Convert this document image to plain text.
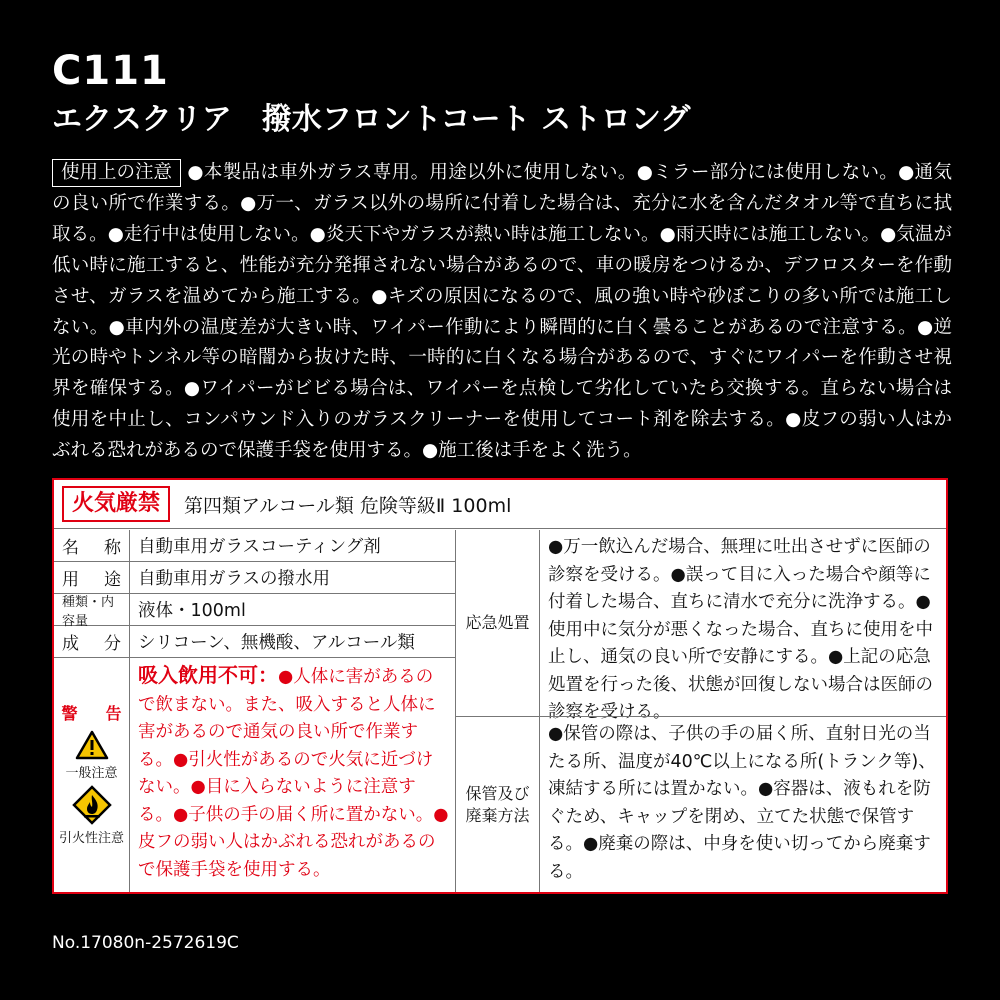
C111
エクスクリア　撥水フロントコート ストロング
使用上の注意 ●本製品は車外ガラス専用。用途以外に使用しない。●ミラー部分には使用しない。●通気の良い所で作業する。●万一、ガラス以外の場所に付着した場合は、充分に水を含んだタオル等で直ちに拭取る。●走行中は使用しない。●炎天下やガラスが熱い時は施工しない。●雨天時には施工しない。●気温が低い時に施工すると、性能が充分発揮されない場合があるので、車の暖房をつけるか、デフロスターを作動させ、ガラスを温めてから施工する。●キズの原因になるので、風の強い時や砂ぼこりの多い所では施工しない。●車内外の温度差が大きい時、ワイパー作動により瞬間的に白く曇ることがあるので注意する。●逆光の時やトンネル等の暗闇から抜けた時、一時的に白くなる場合があるので、すぐにワイパーを作動させ視界を確保する。●ワイパーがビビる場合は、ワイパーを点検して劣化していたら交換する。直らない場合は使用を中止し、コンパウンド入りのガラスクリーナーを使用してコート剤を除去する。●皮フの弱い人はかぶれる恐れがあるので保護手袋を使用する。●施工後は手をよく洗う。
火気厳禁	第四類アルコール類 危険等級Ⅱ 100ml
名 称 自動車用ガラスコーティング剤
用 途 自動車用ガラスの撥水用
種類・内容量	液体・100ml
成 分 シリコーン、無機酸、アルコール類
警 告
一般注意
引火性注意
吸入飲用不可：●人体に害があるので飲まない。また、吸入すると人体に害があるので通気の良い所で作業する。●引火性があるので火気に近づけない。●目に入らないように注意する。●子供の手の届く所に置かない。●皮フの弱い人はかぶれる恐れがあるので保護手袋を使用する。
応急処置
●万一飲込んだ場合、無理に吐出させずに医師の診察を受ける。●誤って目に入った場合や顔等に付着した場合、直ちに清水で充分に洗浄する。●使用中に気分が悪くなった場合、直ちに使用を中止し、通気の良い所で安静にする。●上記の応急処置を行った後、状態が回復しない場合は医師の診察を受ける。
保管及び
廃棄方法
●保管の際は、子供の手の届く所、直射日光の当たる所、温度が40℃以上になる所(トランク等)、凍結する所には置かない。●容器は、液もれを防ぐため、キャップを閉め、立てた状態で保管する。●廃棄の際は、中身を使い切ってから廃棄する。
No.17080n-2572619C
